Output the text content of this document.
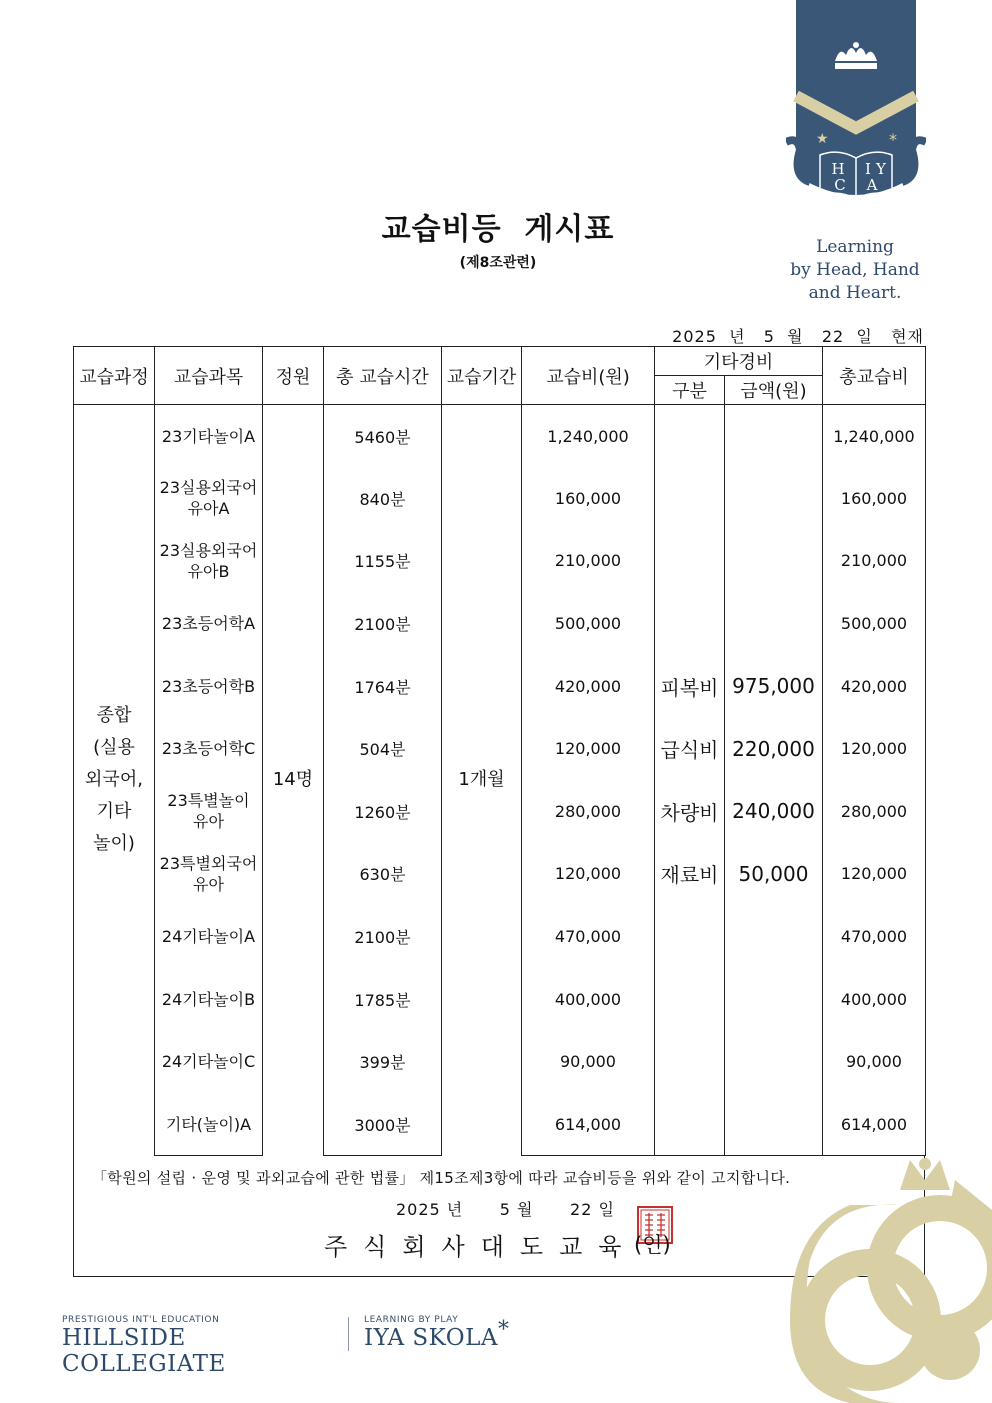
★	*
H I Y
C A
Learning
by Head, Hand
and Heart.
교습비등  게시표
(제8조관련)
2025  년   5  월   22  일   현재
교습과정	교습과목	정원	총 교습시간	교습기간	교습비(원)	기타경비		총교습비
						구분	금액(원)	

종합
(실용
외국어,
기타
놀이)	23기타놀이A	14명	5460분	1개월	1,240,000			1,240,000

	23실용외국어
유아A		840분		160,000			160,000

	23실용외국어
유아B		1155분		210,000			210,000

	23초등어학A		2100분		500,000			500,000

	23초등어학B		1764분		420,000	피복비	975,000	420,000

	23초등어학C		504분		120,000	급식비	220,000	120,000

	23특별놀이
유아		1260분		280,000	차량비	240,000	280,000

	23특별외국어
유아		630분		120,000	재료비	50,000	120,000

	24기타놀이A		2100분		470,000			470,000

	24기타놀이B		1785분		400,000			400,000

	24기타놀이C		399분		90,000			90,000

	기타(놀이)A		3000분		614,000			614,000
「학원의 설립 · 운영 및 과외교습에 관한 법률」 제15조제3항에 따라 교습비등을 위와 같이 고지합니다.
2025 년      5 월      22 일
주식회사대도교육
(인)
PRESTIGIOUS INT'L EDUCATION
HILLSIDE COLLEGIATE
LEARNING BY PLAY
IYA SKOLA*
